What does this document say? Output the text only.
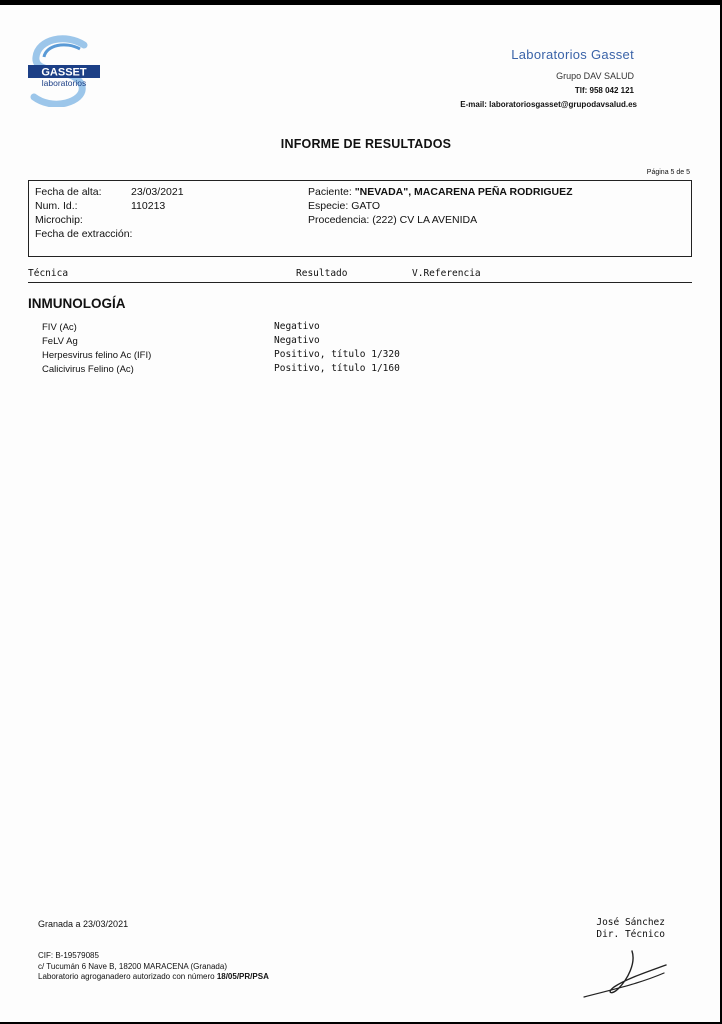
GASSET
laboratorios
Laboratorios Gasset
Grupo DAV SALUD
Tlf: 958 042 121
E-mail: laboratoriosgasset@grupodavsalud.es
INFORME DE RESULTADOS
Página 5 de 5
Fecha de alta:	23/03/2021
Num. Id.:	110213
Microchip:
Fecha de extracción:
Paciente: "NEVADA", MACARENA PEÑA RODRIGUEZ
Especie: GATO
Procedencia: (222) CV LA AVENIDA
Técnica	Resultado	V.Referencia
INMUNOLOGÍA
FIV (Ac)	Negativo
FeLV Ag	Negativo
Herpesvirus felino Ac (IFI)	Positivo, título 1/320
Calicivirus Felino (Ac)	Positivo, título 1/160
Granada a 23/03/2021
CIF: B-19579085
c/ Tucumán 6 Nave B, 18200 MARACENA (Granada)
Laboratorio agroganadero autorizado con número 18/05/PR/PSA
José Sánchez
Dir. Técnico
